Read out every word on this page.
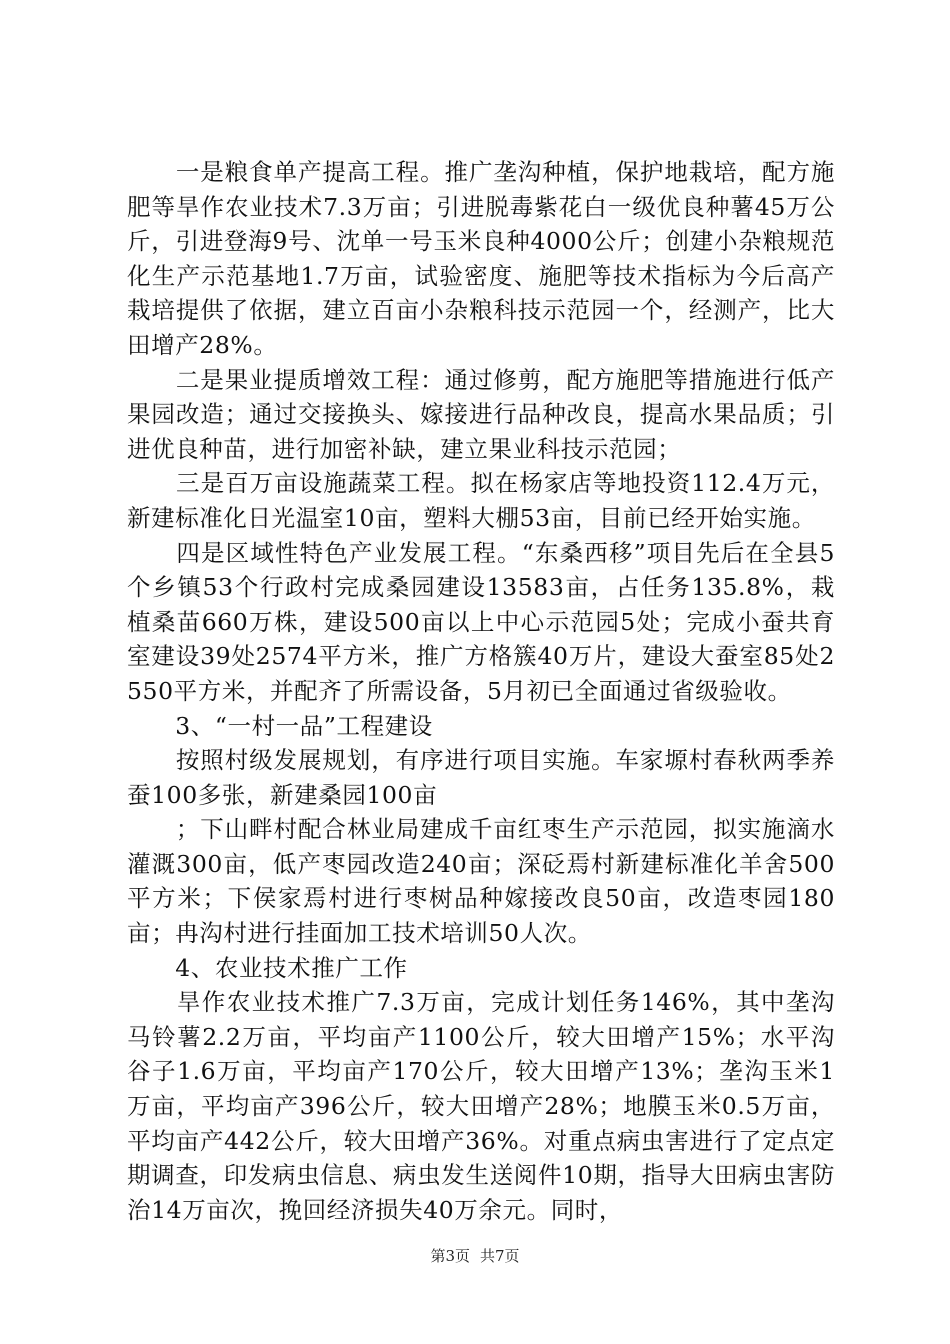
　　一是粮食单产提高工程。推广垄沟种植，保护地栽培，配方施肥等旱作农业技术7.3万亩；引进脱毒紫花白一级优良种薯45万公斤，引进登海9号、沈单一号玉米良种4000公斤；创建小杂粮规范化生产示范基地1.7万亩，试验密度、施肥等技术指标为今后高产栽培提供了依据，建立百亩小杂粮科技示范园一个，经测产，比大田增产28%。

　　二是果业提质增效工程：通过修剪，配方施肥等措施进行低产果园改造；通过交接换头、嫁接进行品种改良，提高水果品质；引进优良种苗，进行加密补缺，建立果业科技示范园；

　　三是百万亩设施蔬菜工程。拟在杨家店等地投资112.4万元，新建标准化日光温室10亩，塑料大棚53亩，目前已经开始实施。

　　四是区域性特色产业发展工程。“东桑西移”项目先后在全县5个乡镇53个行政村完成桑园建设13583亩，占任务135.8%，栽植桑苗660万株，建设500亩以上中心示范园5处；完成小蚕共育室建设39处2574平方米，推广方格簇40万片，建设大蚕室85处2550平方米，并配齐了所需设备，5月初已全面通过省级验收。

　　3、“一村一品”工程建设

　　按照村级发展规划，有序进行项目实施。车家塬村春秋两季养蚕100多张，新建桑园100亩

　　；下山畔村配合林业局建成千亩红枣生产示范园，拟实施滴水灌溉300亩，低产枣园改造240亩；深砭焉村新建标准化羊舍500平方米；下侯家焉村进行枣树品种嫁接改良50亩，改造枣园180亩；冉沟村进行挂面加工技术培训50人次。

　　4、农业技术推广工作

　　旱作农业技术推广7.3万亩，完成计划任务146%，其中垄沟马铃薯2.2万亩，平均亩产1100公斤，较大田增产15%；水平沟谷子1.6万亩，平均亩产170公斤，较大田增产13%；垄沟玉米1万亩，平均亩产396公斤，较大田增产28%；地膜玉米0.5万亩，平均亩产442公斤，较大田增产36%。对重点病虫害进行了定点定期调查，印发病虫信息、病虫发生送阅件10期，指导大田病虫害防治14万亩次，挽回经济损失40万余元。同时，

第3页 共7页
